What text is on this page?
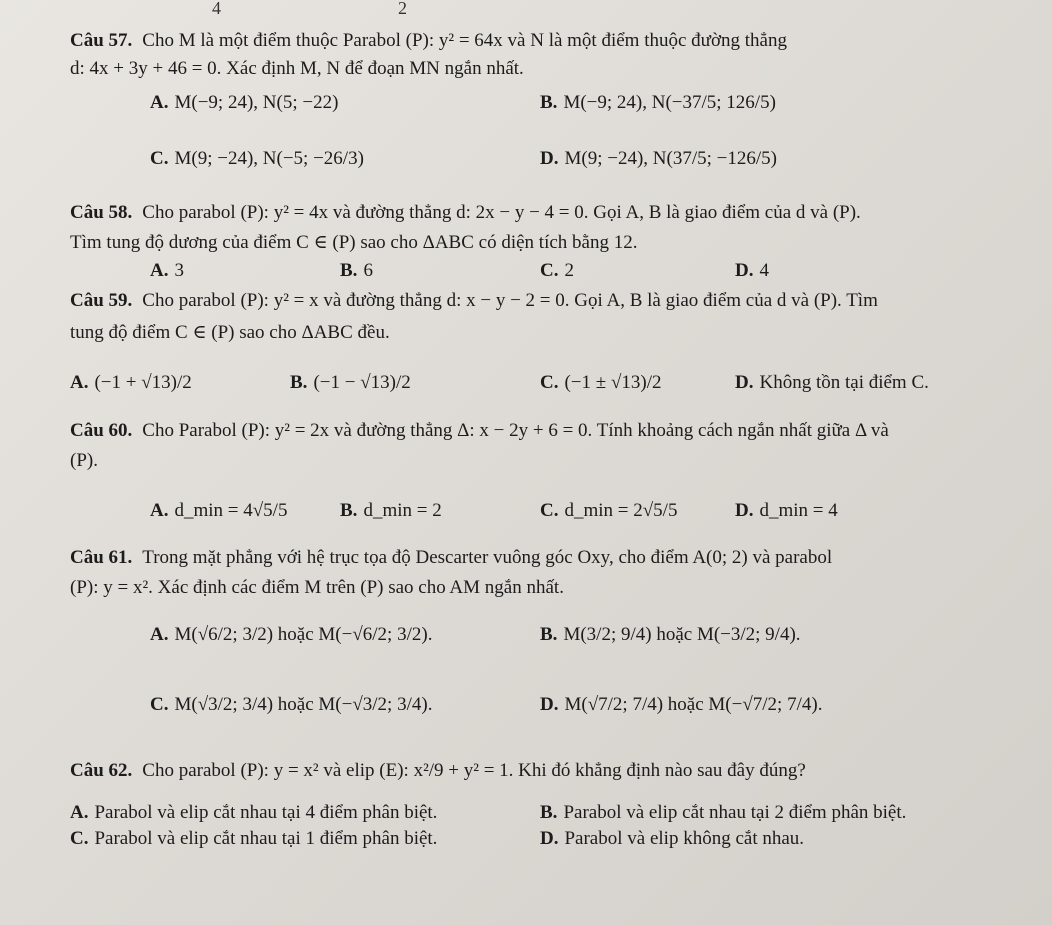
4	2
Câu 57. Cho M là một điểm thuộc Parabol (P): y² = 64x và N là một điểm thuộc đường thẳng
d: 4x + 3y + 46 = 0. Xác định M, N để đoạn MN ngắn nhất.
A. M(−9; 24), N(5; −22)	B. M(−9; 24), N(−37/5; 126/5)
C. M(9; −24), N(−5; −26/3)	D. M(9; −24), N(37/5; −126/5)
Câu 58. Cho parabol (P): y² = 4x và đường thẳng d: 2x − y − 4 = 0. Gọi A, B là giao điểm của d và (P).
Tìm tung độ dương của điểm C ∈ (P) sao cho ΔABC có diện tích bằng 12.
A. 3	B. 6	C. 2	D. 4
Câu 59. Cho parabol (P): y² = x và đường thẳng d: x − y − 2 = 0. Gọi A, B là giao điểm của d và (P). Tìm
tung độ điểm C ∈ (P) sao cho ΔABC đều.
A. (−1 + √13)/2	B. (−1 − √13)/2	C. (−1 ± √13)/2	D. Không tồn tại điểm C.
Câu 60. Cho Parabol (P): y² = 2x và đường thẳng Δ: x − 2y + 6 = 0. Tính khoảng cách ngắn nhất giữa Δ và
(P).
A. d_min = 4√5/5	B. d_min = 2	C. d_min = 2√5/5	D. d_min = 4
Câu 61. Trong mặt phẳng với hệ trục tọa độ Descarter vuông góc Oxy, cho điểm A(0; 2) và parabol
(P): y = x². Xác định các điểm M trên (P) sao cho AM ngắn nhất.
A. M(√6/2; 3/2) hoặc M(−√6/2; 3/2).	B. M(3/2; 9/4) hoặc M(−3/2; 9/4).
C. M(√3/2; 3/4) hoặc M(−√3/2; 3/4).	D. M(√7/2; 7/4) hoặc M(−√7/2; 7/4).
Câu 62. Cho parabol (P): y = x² và elip (E): x²/9 + y² = 1. Khi đó khẳng định nào sau đây đúng?
A. Parabol và elip cắt nhau tại 4 điểm phân biệt.	B. Parabol và elip cắt nhau tại 2 điểm phân biệt.
C. Parabol và elip cắt nhau tại 1 điểm phân biệt.	D. Parabol và elip không cắt nhau.
